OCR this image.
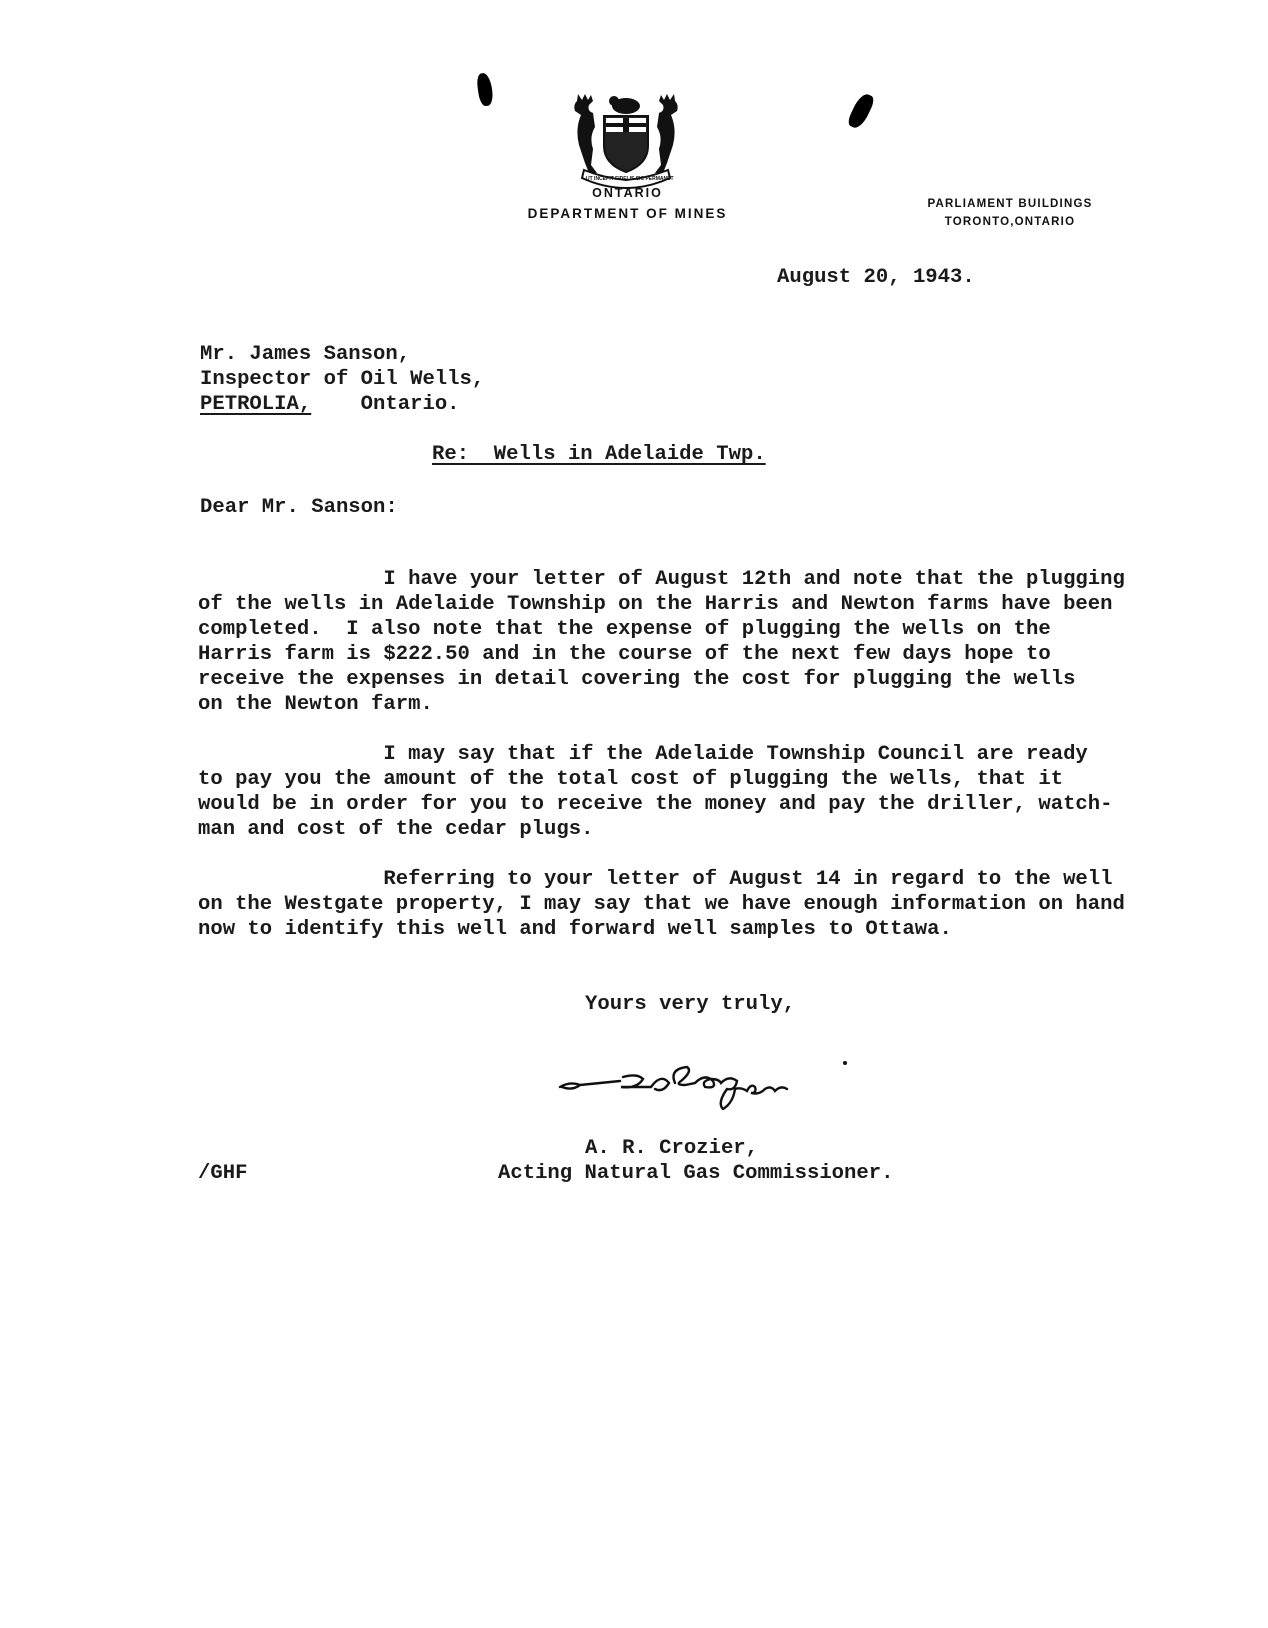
UT INCEPIT FIDELIS SIC PERMANET
ONTARIO
DEPARTMENT OF MINES
PARLIAMENT BUILDINGS
TORONTO,ONTARIO
August 20, 1943.
Mr. James Sanson,
Inspector of Oil Wells,
PETROLIA, Ontario.
Re:  Wells in Adelaide Twp.
Dear Mr. Sanson:
I have your letter of August 12th and note that the plugging
of the wells in Adelaide Township on the Harris and Newton farms have been
completed.  I also note that the expense of plugging the wells on the
Harris farm is $222.50 and in the course of the next few days hope to
receive the expenses in detail covering the cost for plugging the wells
on the Newton farm.
I may say that if the Adelaide Township Council are ready
to pay you the amount of the total cost of plugging the wells, that it
would be in order for you to receive the money and pay the driller, watch-
man and cost of the cedar plugs.
Referring to your letter of August 14 in regard to the well
on the Westgate property, I may say that we have enough information on hand
now to identify this well and forward well samples to Ottawa.
Yours very truly,
A. R. Crozier,
Acting Natural Gas Commissioner.
/GHF
